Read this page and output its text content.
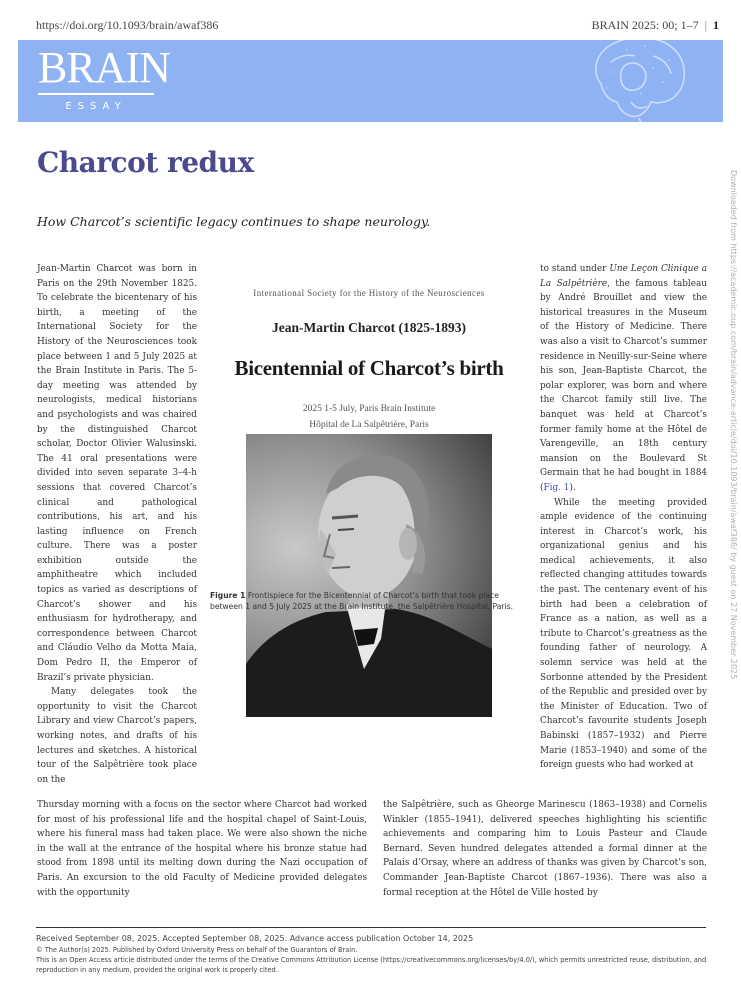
https://doi.org/10.1093/brain/awaf386	BRAIN 2025: 00; 1–7 | 1
BRAIN
ESSAY
Charcot redux

How Charcot’s scientific legacy continues to shape neurology.	Downloaded from https://academic.oup.com/brain/advance-article/doi/10.1093/brain/awaf386/ by guest on 27 November 2025

Jean-Martin Charcot was born in Paris on the 29th November 1825. To celebrate the bicentenary of his birth, a meeting of the International Society for the History of the Neurosciences took place between 1 and 5 July 2025 at the Brain Institute in Paris. The 5-day meeting was attended by neurologists, medical historians and psychologists and was chaired by the distinguished Charcot scholar, Doctor Olivier Walusinski. The 41 oral presentations were divided into seven separate 3–4-h sessions that covered Charcot’s clinical and pathological contributions, his art, and his lasting influence on French culture. There was a poster exhibition outside the amphitheatre which included topics as varied as descriptions of Charcot’s shower and his enthusiasm for hydrotherapy, and correspondence between Charcot and Cláudio Velho da Motta Maia, Dom Pedro II, the Emperor of Brazil’s private physician.

Many delegates took the opportunity to visit the Charcot Library and view Charcot’s papers, working notes, and drafts of his lectures and sketches. A historical tour of the Salpêtrière took place on the

International Society for the History of the Neurosciences
Jean-Martin Charcot (1825-1893)
Bicentennial of Charcot’s birth
2025 1-5 July, Paris Brain Institute
Hôpital de La Salpêtrière, Paris

Figure 1 Frontispiece for the Bicentennial of Charcot’s birth that took place between 1 and 5 July 2025 at the Brain Institute, the Salpêtrière Hospital, Paris.

to stand under Une Leçon Clinique a La Salpêtrière, the famous tableau by André Brouillet and view the historical treasures in the Museum of the History of Medicine. There was also a visit to Charcot’s summer residence in Neuilly-sur-Seine where his son, Jean-Baptiste Charcot, the polar explorer, was born and where the Charcot family still live. The banquet was held at Charcot’s former family home at the Hôtel de Varengeville, an 18th century mansion on the Boulevard St Germain that he had bought in 1884 (Fig. 1).

While the meeting provided ample evidence of the continuing interest in Charcot’s work, his organizational genius and his medical achievements, it also reflected changing attitudes towards the past. The centenary event of his birth had been a celebration of France as a nation, as well as a tribute to Charcot’s greatness as the founding father of neurology. A solemn service was held at the Sorbonne attended by the President of the Republic and presided over by the Minister of Education. Two of Charcot’s favourite students Joseph Babinski (1857–1932) and Pierre Marie (1853–1940) and some of the foreign guests who had worked at

Thursday morning with a focus on the sector where Charcot had worked for most of his professional life and the hospital chapel of Saint-Louis, where his funeral mass had taken place. We were also shown the niche in the wall at the entrance of the hospital where his bronze statue had stood from 1898 until its melting down during the Nazi occupation of Paris. An excursion to the old Faculty of Medicine provided delegates with the opportunity

the Salpêtrière, such as Gheorge Marinescu (1863–1938) and Cornelis Winkler (1855–1941), delivered speeches highlighting his scientific achievements and comparing him to Louis Pasteur and Claude Bernard. Seven hundred delegates attended a formal dinner at the Palais d’Orsay, where an address of thanks was given by Charcot’s son, Commander Jean-Baptiste Charcot (1867–1936). There was also a formal reception at the Hôtel de Ville hosted by

Received September 08, 2025. Accepted September 08, 2025. Advance access publication October 14, 2025

© The Author(s) 2025. Published by Oxford University Press on behalf of the Guarantors of Brain.

This is an Open Access article distributed under the terms of the Creative Commons Attribution License (https://creativecommons.org/licenses/by/4.0/), which permits unrestricted reuse, distribution, and reproduction in any medium, provided the original work is properly cited.
